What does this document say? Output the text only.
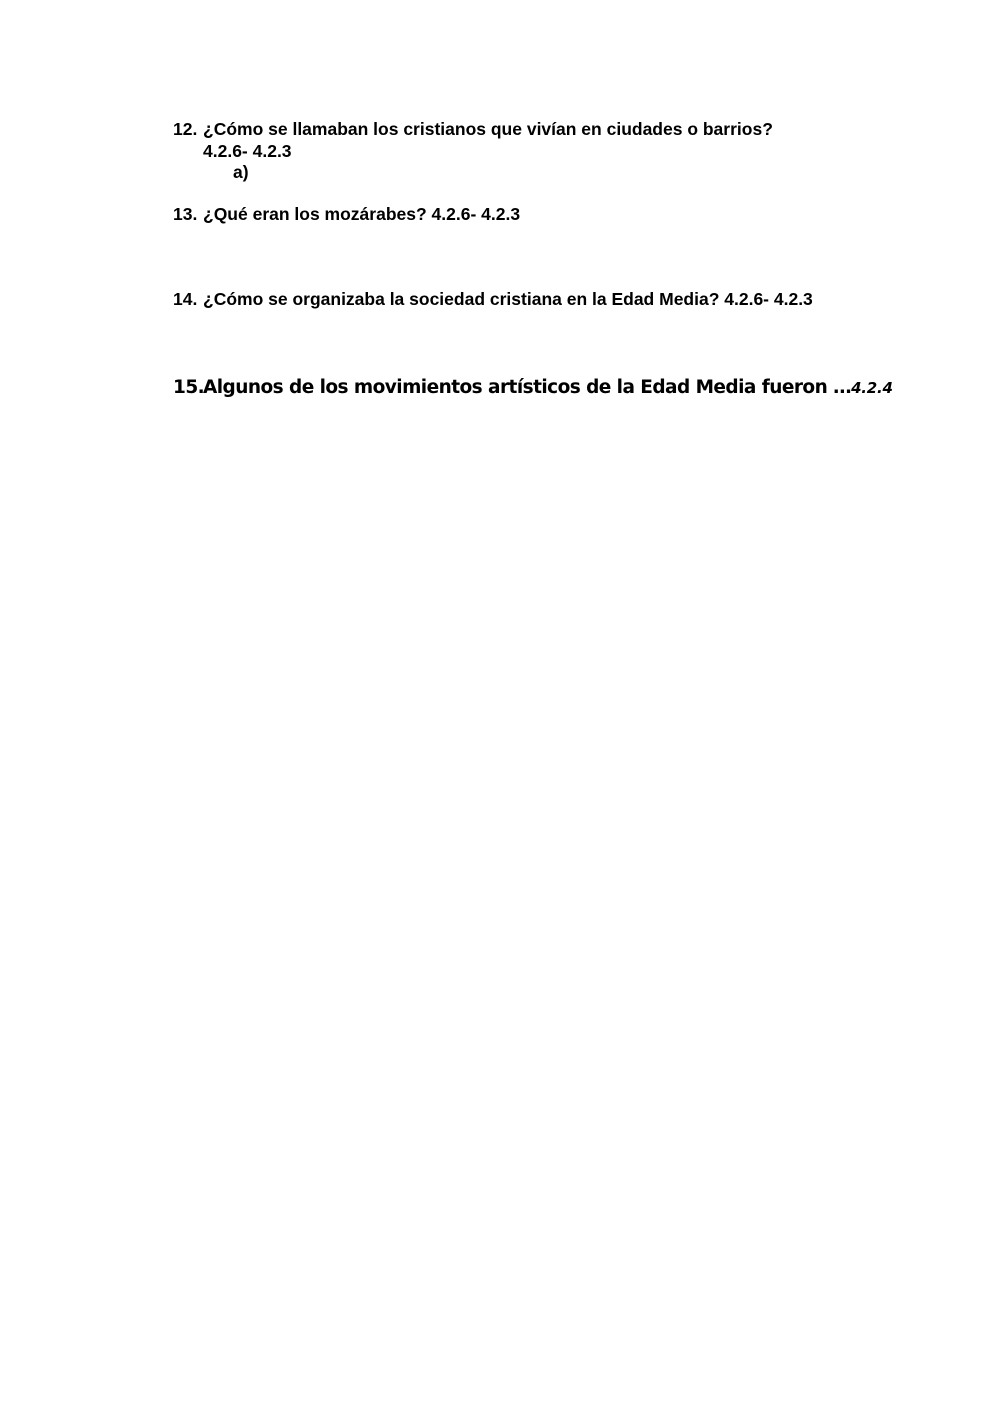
12. ¿Cómo se llamaban los cristianos que vivían en ciudades o barrios?
4.2.6- 4.2.3
a)
13. ¿Qué eran los mozárabes? 4.2.6- 4.2.3
14. ¿Cómo se organizaba la sociedad cristiana en la Edad Media? 4.2.6- 4.2.3
15.Algunos de los movimientos artísticos de la Edad Media fueron …4.2.4
